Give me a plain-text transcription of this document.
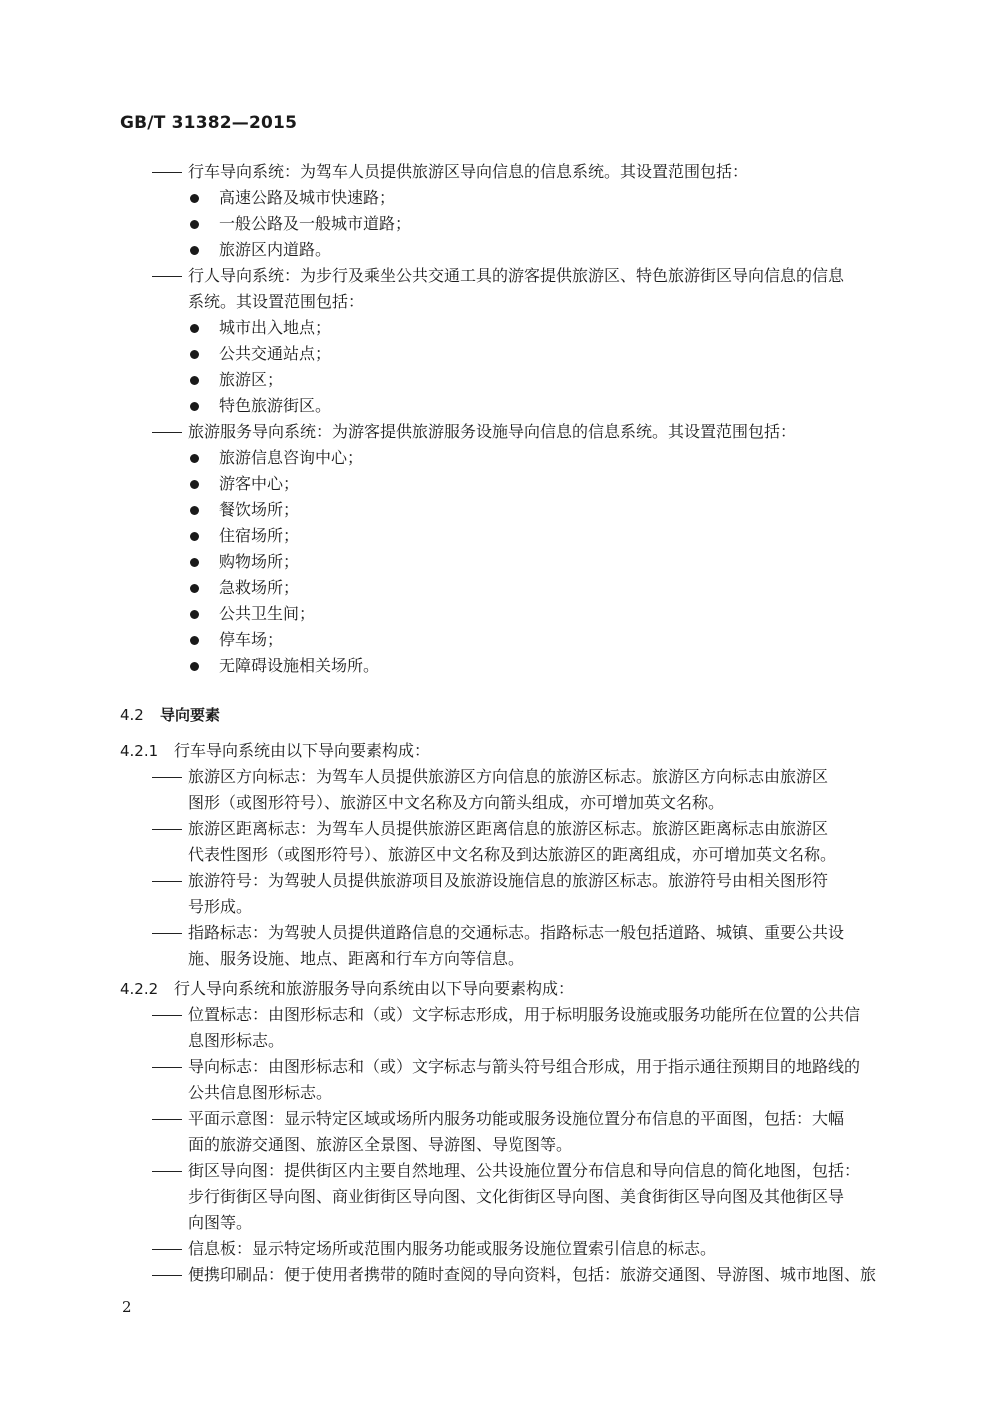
GB/T 31382—2015

行车导向系统：为驾车人员提供旅游区导向信息的信息系统。其设置范围包括：

高速公路及城市快速路；

一般公路及一般城市道路；

旅游区内道路。

行人导向系统：为步行及乘坐公共交通工具的游客提供旅游区、特色旅游街区导向信息的信息

系统。其设置范围包括：

城市出入地点；

公共交通站点；

旅游区；

特色旅游街区。

旅游服务导向系统：为游客提供旅游服务设施导向信息的信息系统。其设置范围包括：

旅游信息咨询中心；

游客中心；

餐饮场所；

住宿场所；

购物场所；

急救场所；

公共卫生间；

停车场；

无障碍设施相关场所。

4.2 导向要素

4.2.1 行车导向系统由以下导向要素构成：

旅游区方向标志：为驾车人员提供旅游区方向信息的旅游区标志。旅游区方向标志由旅游区

图形（或图形符号）、旅游区中文名称及方向箭头组成，亦可增加英文名称。

旅游区距离标志：为驾车人员提供旅游区距离信息的旅游区标志。旅游区距离标志由旅游区

代表性图形（或图形符号）、旅游区中文名称及到达旅游区的距离组成，亦可增加英文名称。

旅游符号：为驾驶人员提供旅游项目及旅游设施信息的旅游区标志。旅游符号由相关图形符

号形成。

指路标志：为驾驶人员提供道路信息的交通标志。指路标志一般包括道路、城镇、重要公共设

施、服务设施、地点、距离和行车方向等信息。

4.2.2 行人导向系统和旅游服务导向系统由以下导向要素构成：

位置标志：由图形标志和（或）文字标志形成，用于标明服务设施或服务功能所在位置的公共信

息图形标志。

导向标志：由图形标志和（或）文字标志与箭头符号组合形成，用于指示通往预期目的地路线的

公共信息图形标志。

平面示意图：显示特定区域或场所内服务功能或服务设施位置分布信息的平面图，包括：大幅

面的旅游交通图、旅游区全景图、导游图、导览图等。

街区导向图：提供街区内主要自然地理、公共设施位置分布信息和导向信息的简化地图，包括：

步行街街区导向图、商业街街区导向图、文化街街区导向图、美食街街区导向图及其他街区导

向图等。

信息板：显示特定场所或范围内服务功能或服务设施位置索引信息的标志。

便携印刷品：便于使用者携带的随时查阅的导向资料，包括：旅游交通图、导游图、城市地图、旅

2
